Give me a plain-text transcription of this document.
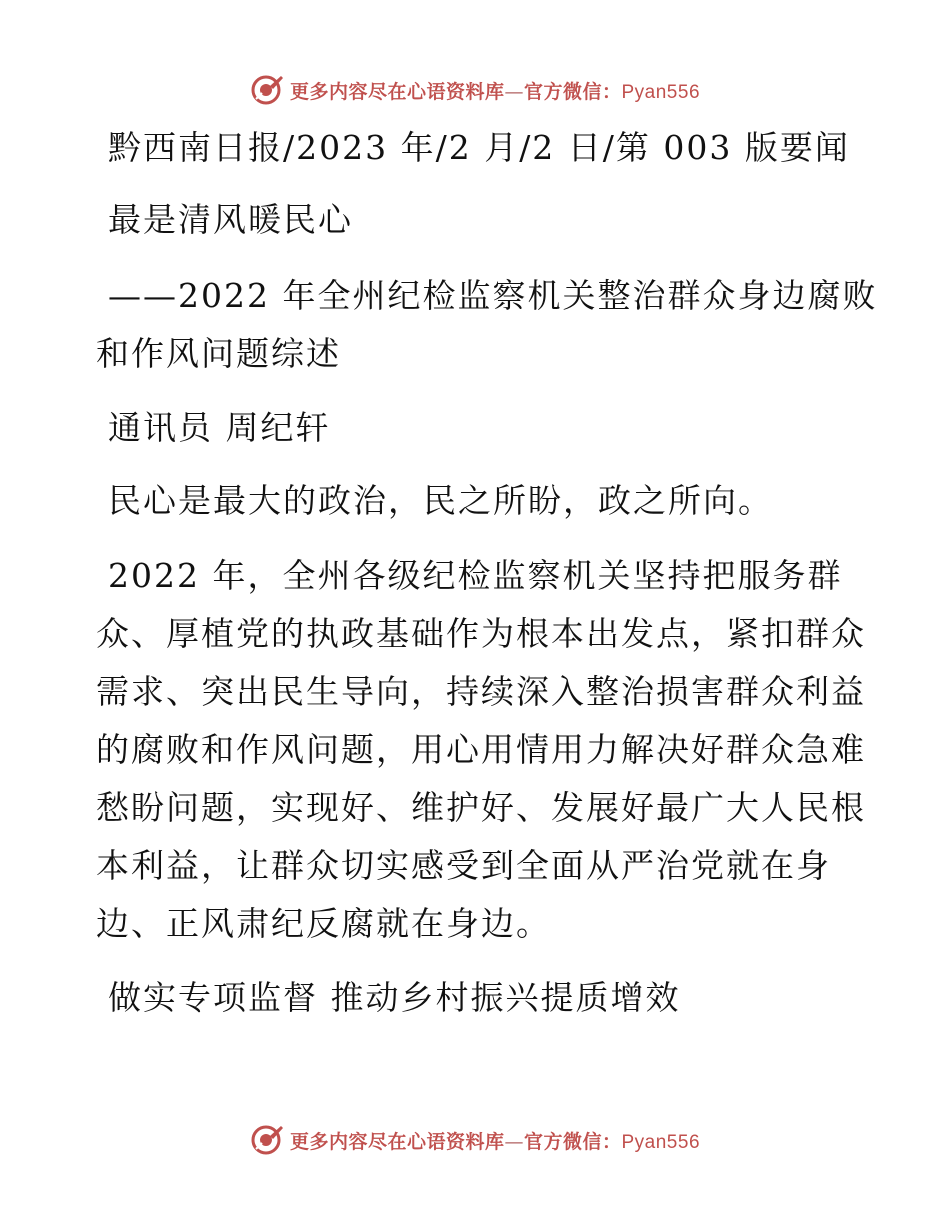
更多内容尽在心语资料库—官方微信：Pyan556
黔西南日报/2023 年/2 月/2 日/第 003 版要闻
最是清风暖民心
——2022 年全州纪检监察机关整治群众身边腐败
和作风问题综述
通讯员 周纪轩
民心是最大的政治，民之所盼，政之所向。
2022 年，全州各级纪检监察机关坚持把服务群
众、厚植党的执政基础作为根本出发点，紧扣群众
需求、突出民生导向，持续深入整治损害群众利益
的腐败和作风问题，用心用情用力解决好群众急难
愁盼问题，实现好、维护好、发展好最广大人民根
本利益，让群众切实感受到全面从严治党就在身
边、正风肃纪反腐就在身边。
做实专项监督 推动乡村振兴提质增效
更多内容尽在心语资料库—官方微信：Pyan556
